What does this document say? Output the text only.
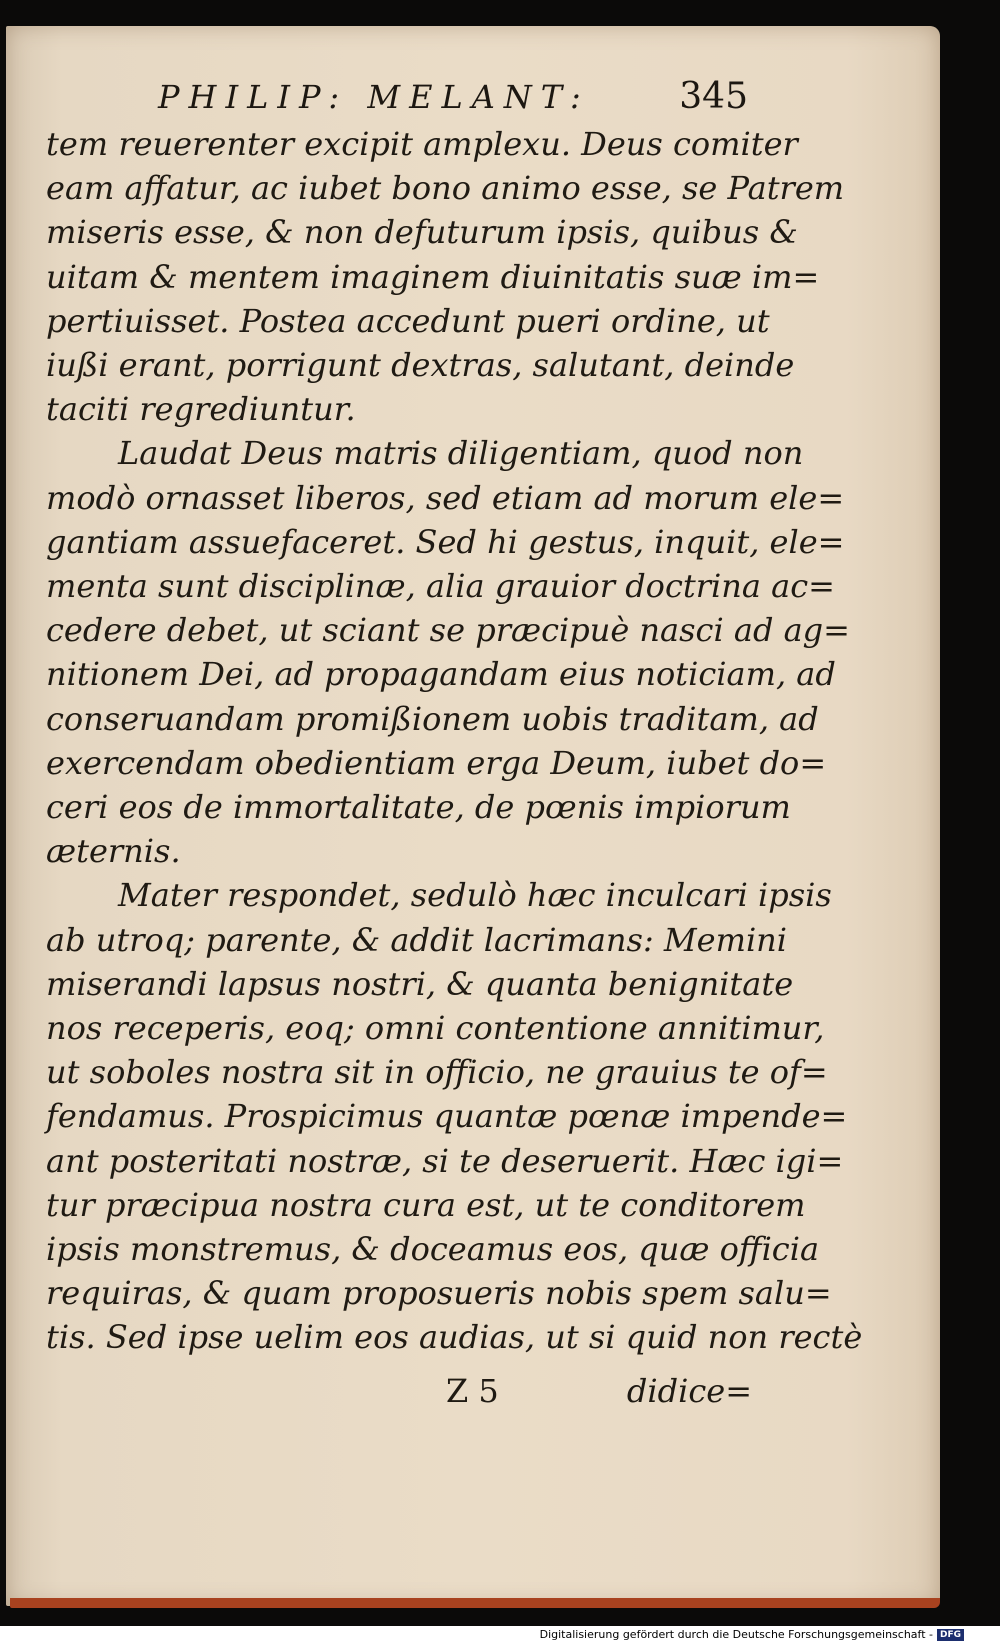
PHILIP: MELANT: 345
tem reuerenter excipit amplexu. Deus comiter
eam affatur, ac iubet bono animo esse, se Patrem
miseris esse, & non defuturum ipsis, quibus &
uitam & mentem imaginem diuinitatis suæ im=
pertiuisset. Postea accedunt pueri ordine, ut
iußi erant, porrigunt dextras, salutant, deinde
taciti regrediuntur.
Laudat Deus matris diligentiam, quod non
modò ornasset liberos, sed etiam ad morum ele=
gantiam assuefaceret. Sed hi gestus, inquit, ele=
menta sunt disciplinæ, alia grauior doctrina ac=
cedere debet, ut sciant se præcipuè nasci ad ag=
nitionem Dei, ad propagandam eius noticiam, ad
conseruandam promißionem uobis traditam, ad
exercendam obedientiam erga Deum, iubet do=
ceri eos de immortalitate, de pœnis impiorum
æternis.
Mater respondet, sedulò hæc inculcari ipsis
ab utroq; parente, & addit lacrimans: Memini
miserandi lapsus nostri, & quanta benignitate
nos receperis, eoq; omni contentione annitimur,
ut soboles nostra sit in officio, ne grauius te of=
fendamus. Prospicimus quantæ pœnæ impende=
ant posteritati nostræ, si te deseruerit. Hæc igi=
tur præcipua nostra cura est, ut te conditorem
ipsis monstremus, & doceamus eos, quæ officia
requiras, & quam proposueris nobis spem salu=
tis. Sed ipse uelim eos audias, ut si quid non rectè
Z 5	didice=
Digitalisierung gefördert durch die Deutsche Forschungsgemeinschaft - DFG
